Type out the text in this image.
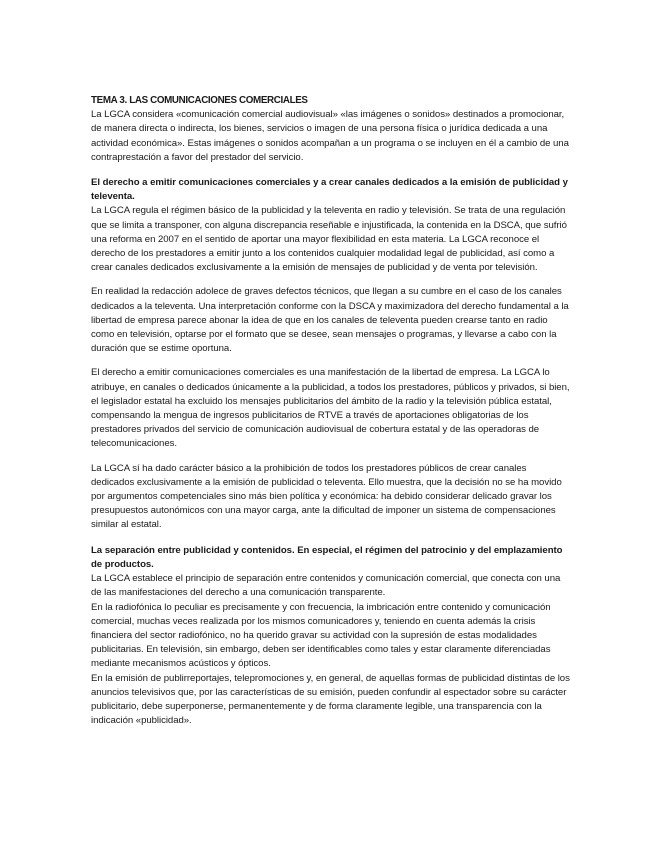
TEMA 3. LAS COMUNICACIONES COMERCIALES

La LGCA considera «comunicación comercial audiovisual» «las imágenes o sonidos» destinados a promocionar, de manera directa o indirecta, los bienes, servicios o imagen de una persona física o jurídica dedicada a una actividad económica». Estas imágenes o sonidos acompañan a un programa o se incluyen en él a cambio de una contraprestación a favor del prestador del servicio.

El derecho a emitir comunicaciones comerciales y a crear canales dedicados a la emisión de publicidad y televenta.

La LGCA regula el régimen básico de la publicidad y la televenta en radio y televisión. Se trata de una regulación que se limita a transponer, con alguna discrepancia reseñable e injustificada, la contenida en la DSCA, que sufrió una reforma en 2007 en el sentido de aportar una mayor flexibilidad en esta materia. La LGCA reconoce el derecho de los prestadores a emitir junto a los contenidos cualquier modalidad legal de publicidad, así como a crear canales dedicados exclusivamente a la emisión de mensajes de publicidad y de venta por televisión.

En realidad la redacción adolece de graves defectos técnicos, que llegan a su cumbre en el caso de los canales dedicados a la televenta. Una interpretación conforme con la DSCA y maximizadora del derecho fundamental a la libertad de empresa parece abonar la idea de que en los canales de televenta pueden crearse tanto en radio como en televisión, optarse por el formato que se desee, sean mensajes o programas, y llevarse a cabo con la duración que se estime oportuna.

El derecho a emitir comunicaciones comerciales es una manifestación de la libertad de empresa. La LGCA lo atribuye, en canales o dedicados únicamente a la publicidad, a todos los prestadores, públicos y privados, si bien, el legislador estatal ha excluido los mensajes publicitarios del ámbito de la radio y la televisión pública estatal, compensando la mengua de ingresos publicitarios de RTVE a través de aportaciones obligatorias de los prestadores privados del servicio de comunicación audiovisual de cobertura estatal y de las operadoras de telecomunicaciones.

La LGCA sí ha dado carácter básico a la prohibición de todos los prestadores públicos de crear canales dedicados exclusivamente a la emisión de publicidad o televenta. Ello muestra, que la decisión no se ha movido por argumentos competenciales sino más bien política y económica: ha debido considerar delicado gravar los presupuestos autonómicos con una mayor carga, ante la dificultad de imponer un sistema de compensaciones similar al estatal.

La separación entre publicidad y contenidos. En especial, el régimen del patrocinio y del emplazamiento de productos.

La LGCA establece el principio de separación entre contenidos y comunicación comercial, que conecta con una de las manifestaciones del derecho a una comunicación transparente.

En la radiofónica lo peculiar es precisamente y con frecuencia, la imbricación entre contenido y comunicación comercial, muchas veces realizada por los mismos comunicadores y, teniendo en cuenta además la crisis financiera del sector radiofónico, no ha querido gravar su actividad con la supresión de estas modalidades publicitarias. En televisión, sin embargo, deben ser identificables como tales y estar claramente diferenciadas mediante mecanismos acústicos y ópticos.

En la emisión de publirreportajes, telepromociones y, en general, de aquellas formas de publicidad distintas de los anuncios televisivos que, por las características de su emisión, pueden confundir al espectador sobre su carácter publicitario, debe superponerse, permanentemente y de forma claramente legible, una transparencia con la indicación «publicidad».
